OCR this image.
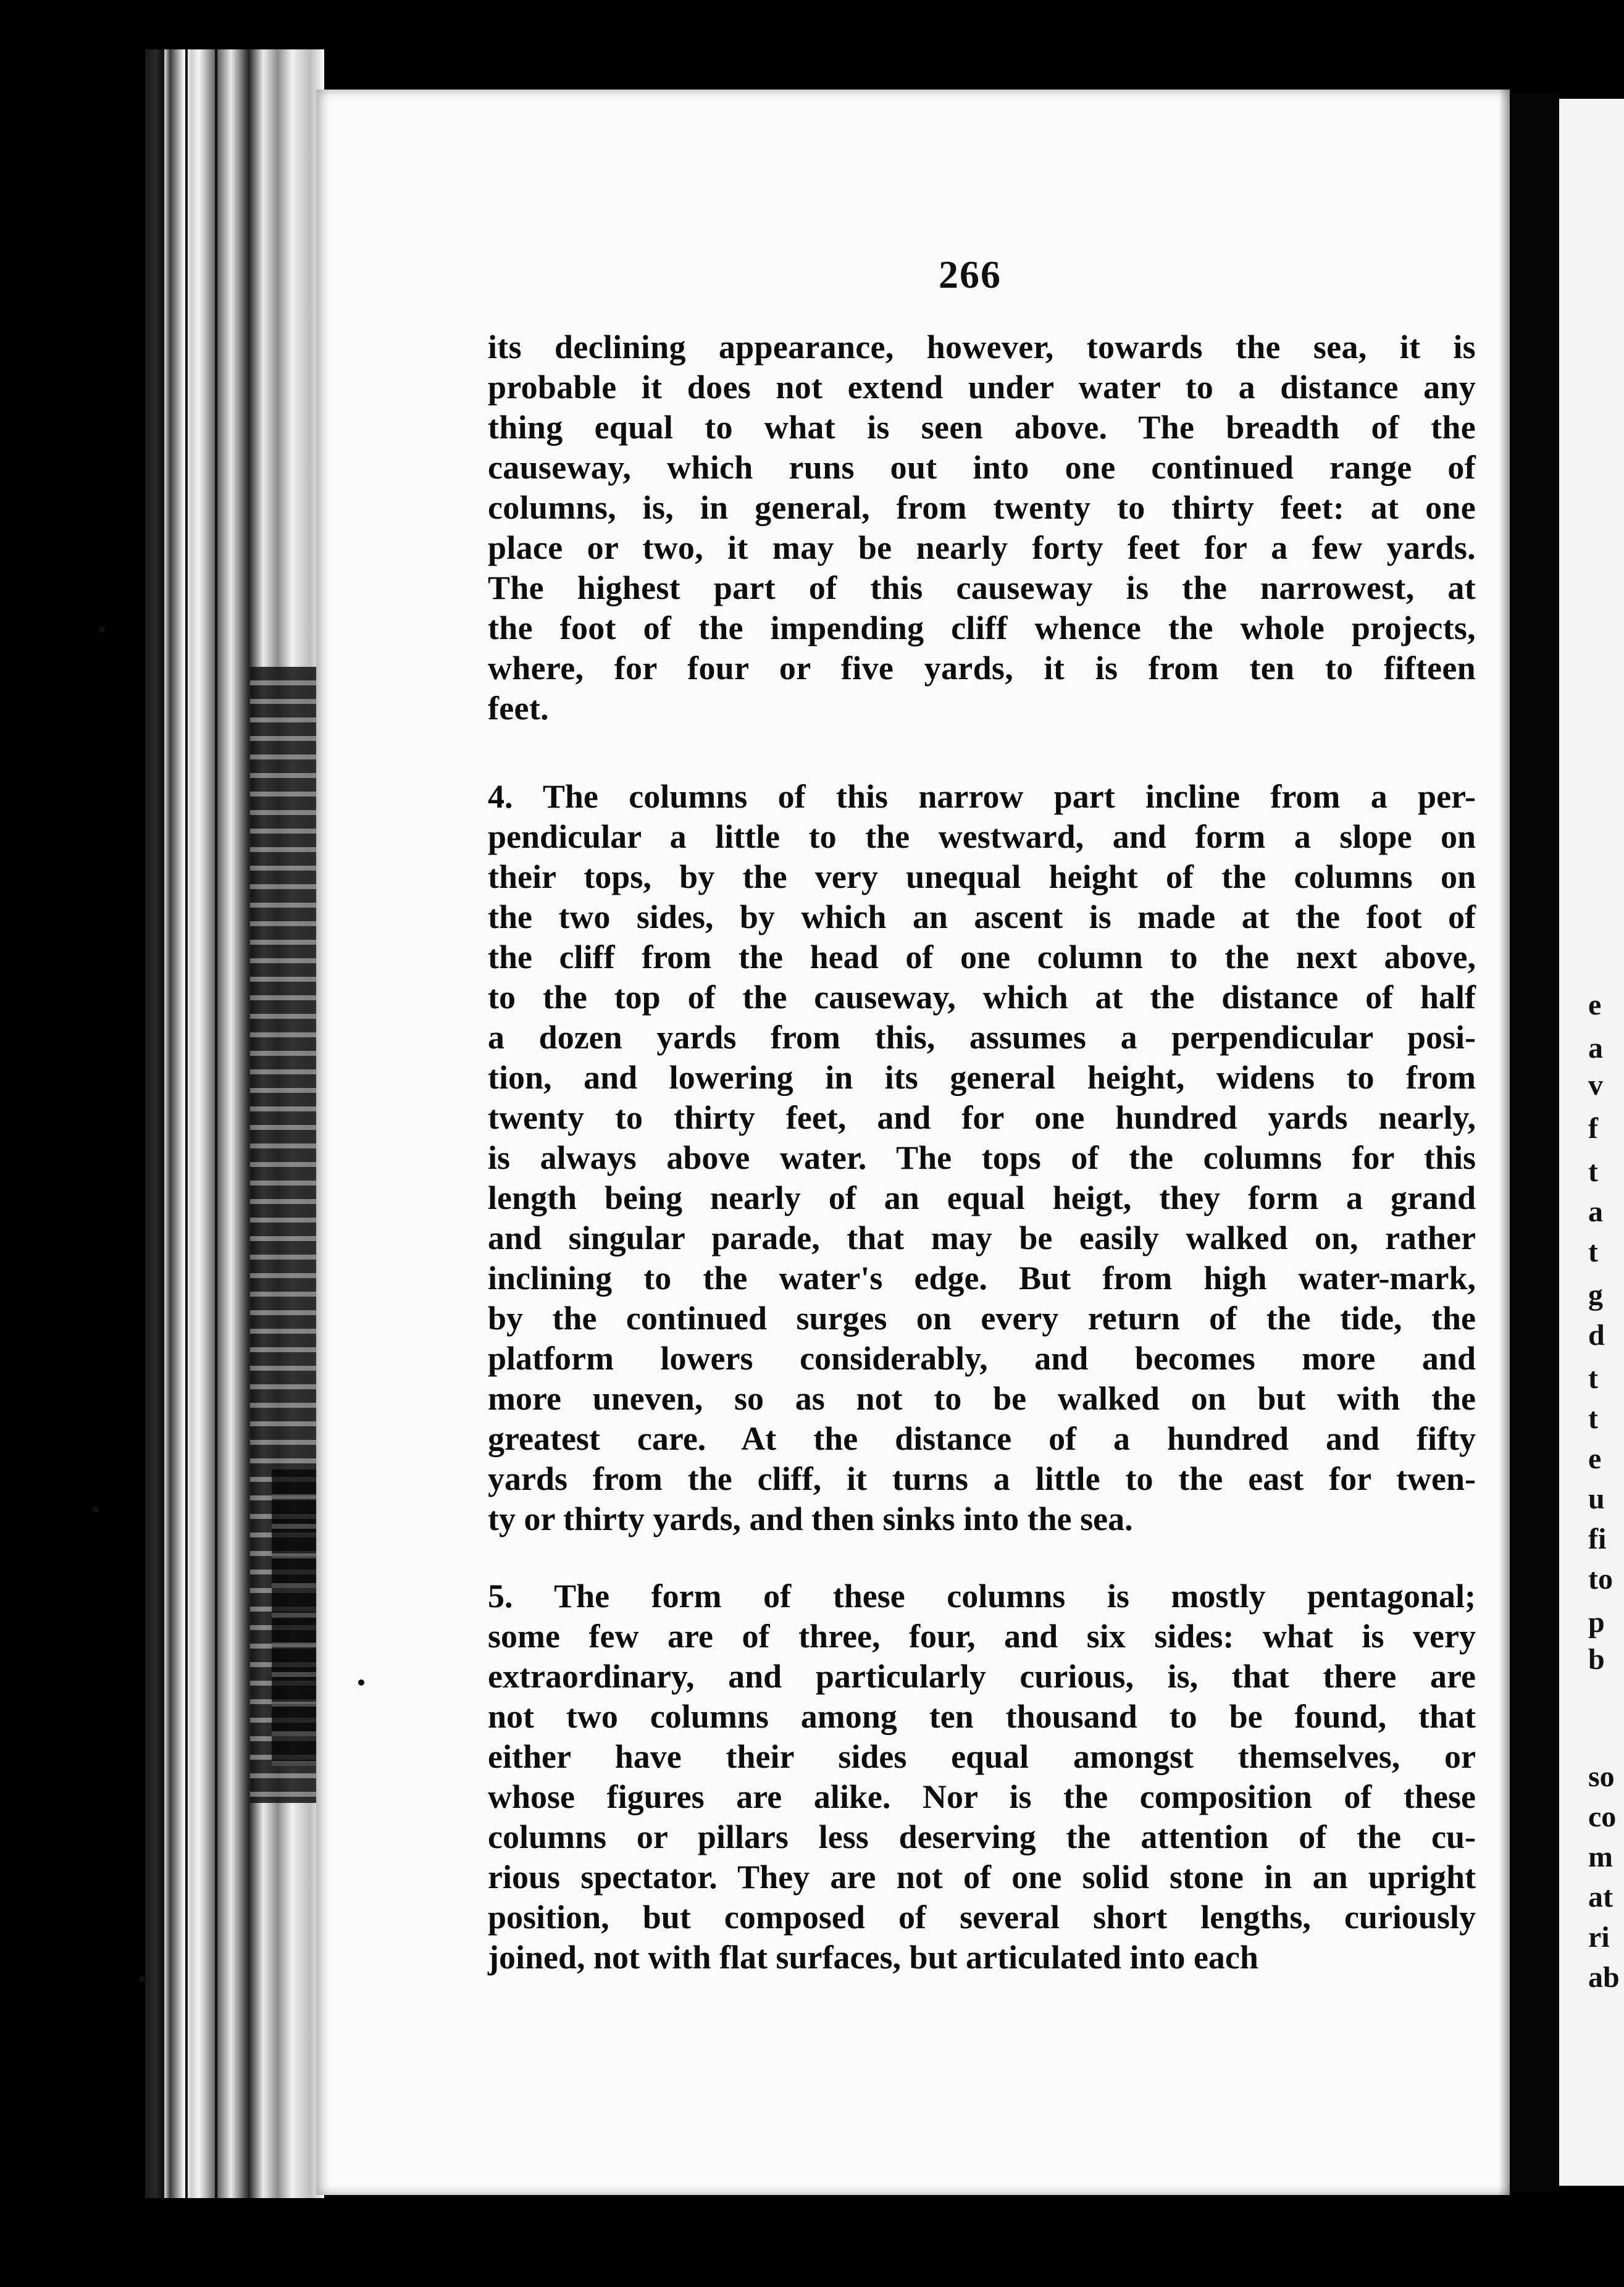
e
a
v
f
t
a
t
g
d
t
t
e
u
fi
to
p
b
so
co
m
at
ri
ab
266
its declining appearance, however, towards the sea, it is
probable it does not extend under water to a distance any
thing equal to what is seen above. The breadth of the
causeway, which runs out into one continued range of
columns, is, in general, from twenty to thirty feet: at one
place or two, it may be nearly forty feet for a few yards.
The highest part of this causeway is the narrowest, at
the foot of the impending cliff whence the whole projects,
where, for four or five yards, it is from ten to fifteen
feet.
4. The columns of this narrow part incline from a per-
pendicular a little to the westward, and form a slope on
their tops, by the very unequal height of the columns on
the two sides, by which an ascent is made at the foot of
the cliff from the head of one column to the next above,
to the top of the causeway, which at the distance of half
a dozen yards from this, assumes a perpendicular posi-
tion, and lowering in its general height, widens to from
twenty to thirty feet, and for one hundred yards nearly,
is always above water. The tops of the columns for this
length being nearly of an equal heigt, they form a grand
and singular parade, that may be easily walked on, rather
inclining to the water's edge. But from high water-mark,
by the continued surges on every return of the tide, the
platform lowers considerably, and becomes more and
more uneven, so as not to be walked on but with the
greatest care. At the distance of a hundred and fifty
yards from the cliff, it turns a little to the east for twen-
ty or thirty yards, and then sinks into the sea.
5. The form of these columns is mostly pentagonal;
some few are of three, four, and six sides: what is very
extraordinary, and particularly curious, is, that there are
not two columns among ten thousand to be found, that
either have their sides equal amongst themselves, or
whose figures are alike. Nor is the composition of these
columns or pillars less deserving the attention of the cu-
rious spectator. They are not of one solid stone in an upright
position, but composed of several short lengths, curiously
joined, not with flat surfaces, but articulated into each
